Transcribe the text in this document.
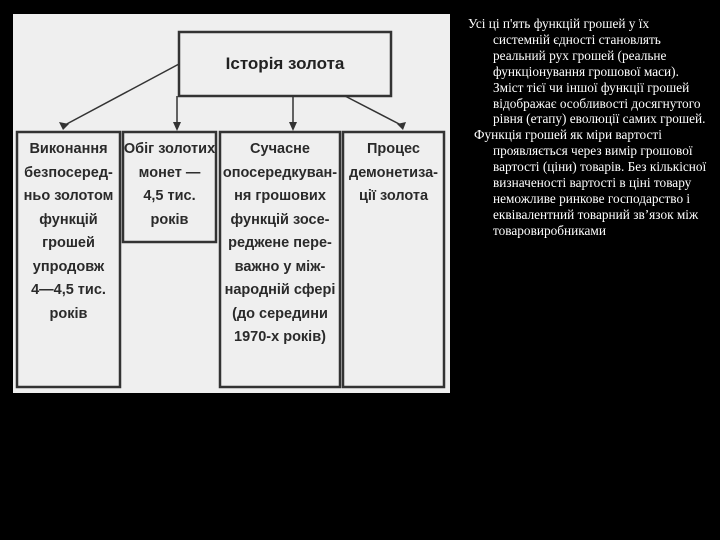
Історія золота
Виконання
безпосеред-
ньо золотом
функцій
грошей
упродовж
4—4,5 тис.
років
Обіг золотих
монет —
4,5 тис.
років
Сучасне
опосередкуван-
ня грошових
функцій зосе-
реджене пере-
важно у між-
народній сфері
(до середини
1970-х років)
Процес
демонетиза-
ції золота

Усі ці п'ять функцій грошей у їх системній єдності становлять реальний рух грошей (реальне функціонування грошової маси). Зміст тієї чи іншої функції грошей відображає особливості досягнутого рівня (етапу) еволюції самих грошей.

Функція грошей як міри вартості проявляється через вимір грошової вартості (ціни) товарів. Без кількісної визначеності вартості в ціні товару неможливе ринкове господарство і еквівалентний товарний зв’язок між товаровиробниками
